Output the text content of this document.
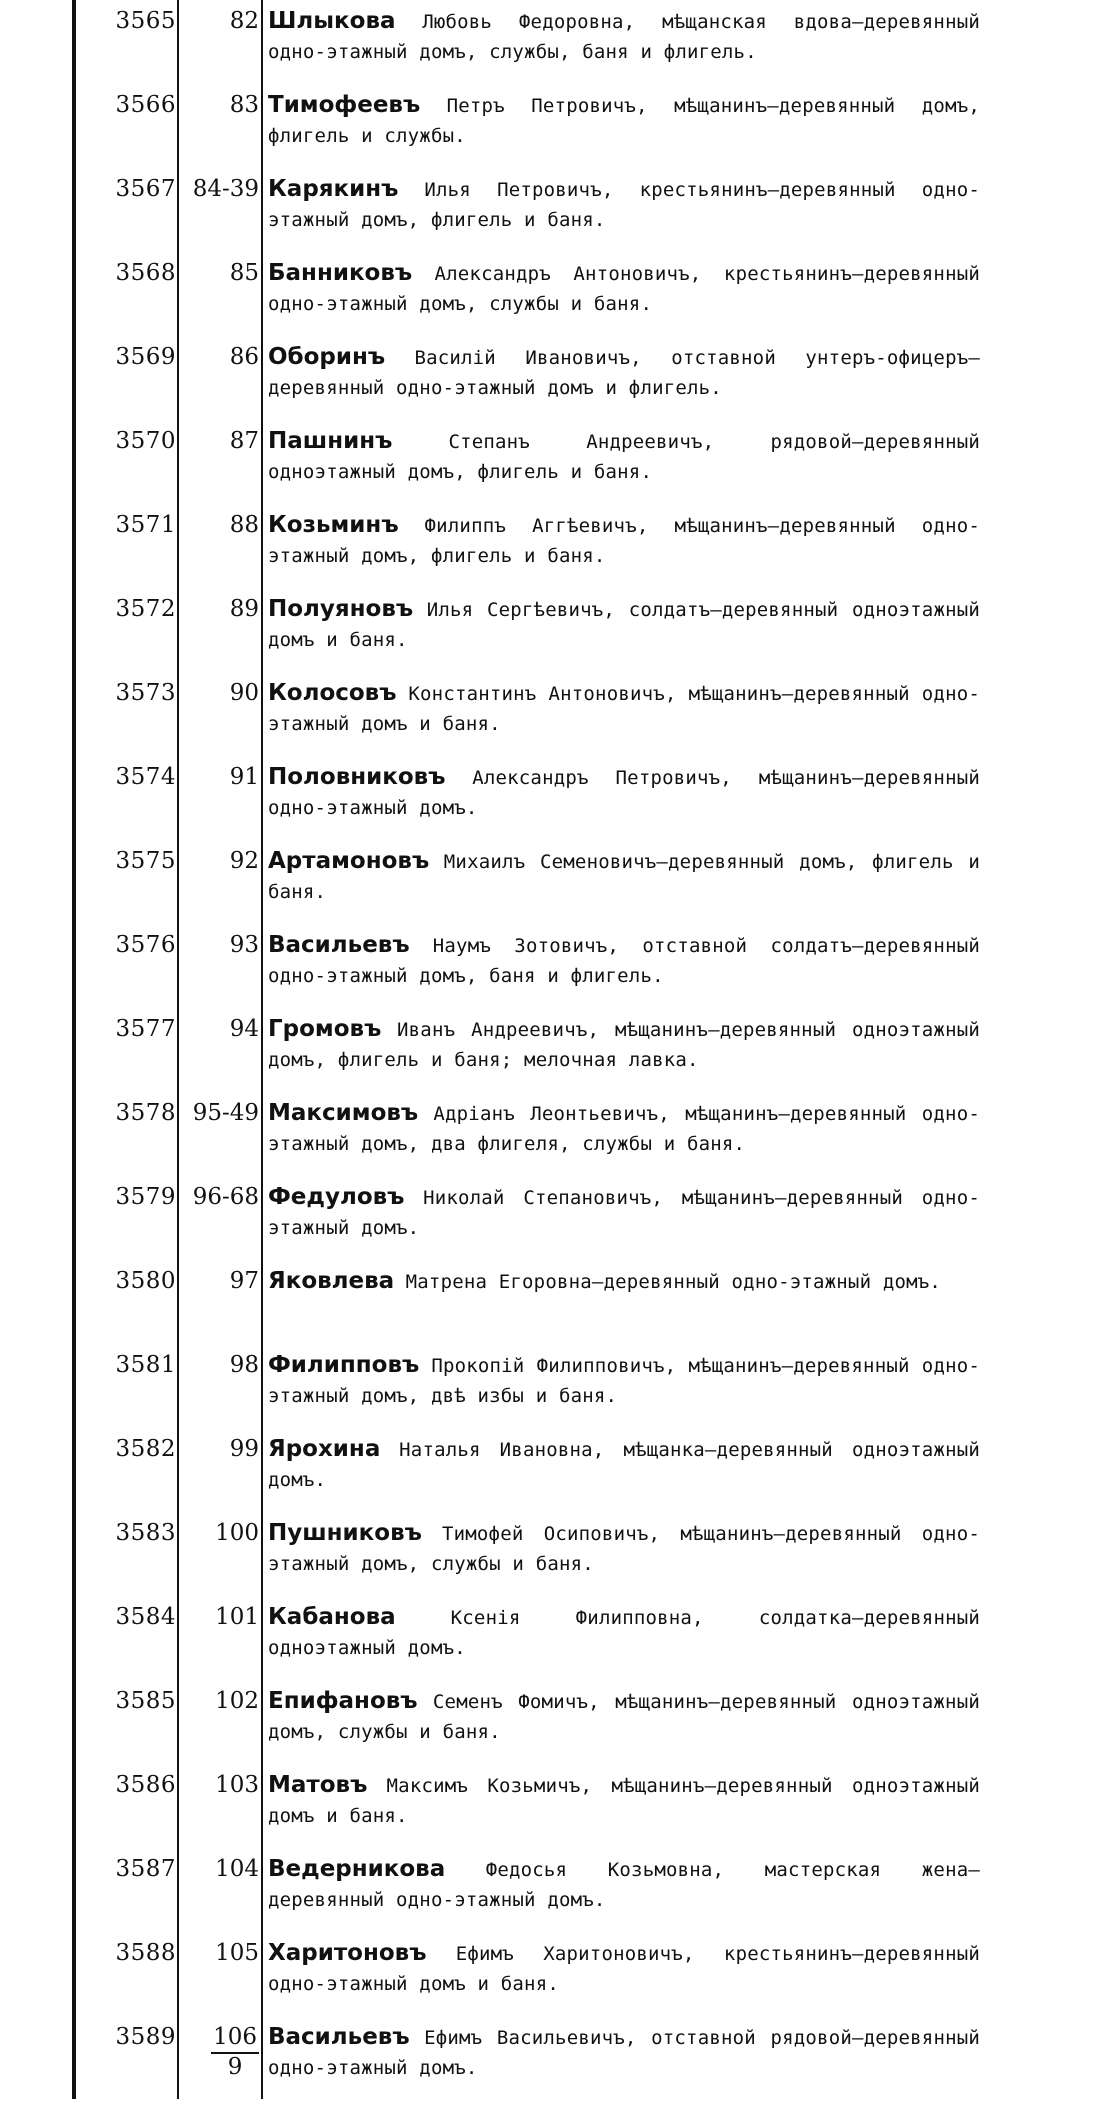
3565 82 Шлыкова Любовь Федоровна, мѣщанская вдова—деревянный одно-этажный домъ, службы, баня и флигель.
3566 83 Тимофеевъ Петръ Петровичъ, мѣщанинъ—деревянный домъ, флигель и службы.
3567 84-39 Карякинъ Илья Петровичъ, крестьянинъ—деревянный одно-этажный домъ, флигель и баня.
3568 85 Банниковъ Александръ Антоновичъ, крестьянинъ—деревянный одно-этажный домъ, службы и баня.
3569 86 Оборинъ Василій Ивановичъ, отставной унтеръ-офицеръ—деревянный одно-этажный домъ и флигель.
3570 87 Пашнинъ	Степанъ Андреевичъ, рядовой—деревянный одноэтажный домъ, флигель и баня.
3571 88 Козьминъ Филиппъ Аггѣевичъ, мѣщанинъ—деревянный одно-этажный домъ, флигель и баня.
3572 89 Полуяновъ Илья Сергѣевичъ, солдатъ—деревянный одноэтажный домъ и баня.
3573 90 Колосовъ Константинъ Антоновичъ, мѣщанинъ—деревянный одно-этажный домъ и баня.
3574 91 Половниковъ Александръ Петровичъ, мѣщанинъ—деревянный одно-этажный домъ.
3575 92 Артамоновъ Михаилъ Семеновичъ—деревянный домъ, флигель и баня.
3576 93 Васильевъ Наумъ Зотовичъ, отставной солдатъ—деревянный одно-этажный домъ, баня и флигель.
3577 94 Громовъ Иванъ Андреевичъ, мѣщанинъ—деревянный одноэтажный домъ, флигель и баня; мелочная лавка.
3578 95-49 Максимовъ Адріанъ Леонтьевичъ, мѣщанинъ—деревянный одно-этажный домъ, два флигеля, службы и баня.
3579 96-68 Федуловъ Николай Степановичъ, мѣщанинъ—деревянный одно-этажный домъ.
3580 97 Яковлева Матрена Егоровна—деревянный одно-этажный домъ.
3581 98 Филипповъ Прокопій Филипповичъ, мѣщанинъ—деревянный одно-этажный домъ, двѣ избы и баня.
3582 99 Ярохина Наталья Ивановна, мѣщанка—деревянный одноэтажный домъ.
3583 100 Пушниковъ Тимофей Осиповичъ, мѣщанинъ—деревянный одно-этажный домъ, службы и баня.
3584 101 Кабанова	Ксенія Филипповна, солдатка—деревянный одноэтажный домъ.
3585 102 Епифановъ Семенъ Фомичъ, мѣщанинъ—деревянный одноэтажный домъ, службы и баня.
3586 103 Матовъ Максимъ Козьмичъ, мѣщанинъ—деревянный одноэтажный домъ и баня.
3587 104 Ведерникова Федосья Козьмовна, мастерская жена—деревянный одно-этажный домъ.
3588 105 Харитоновъ Ефимъ Харитоновичъ, крестьянинъ—деревянный одно-этажный домъ и баня.
$3589 \frac{106}{9}$ Васильевъ Ефимъ Васильевичъ, отставной рядовой—деревянный одно-этажный домъ.
